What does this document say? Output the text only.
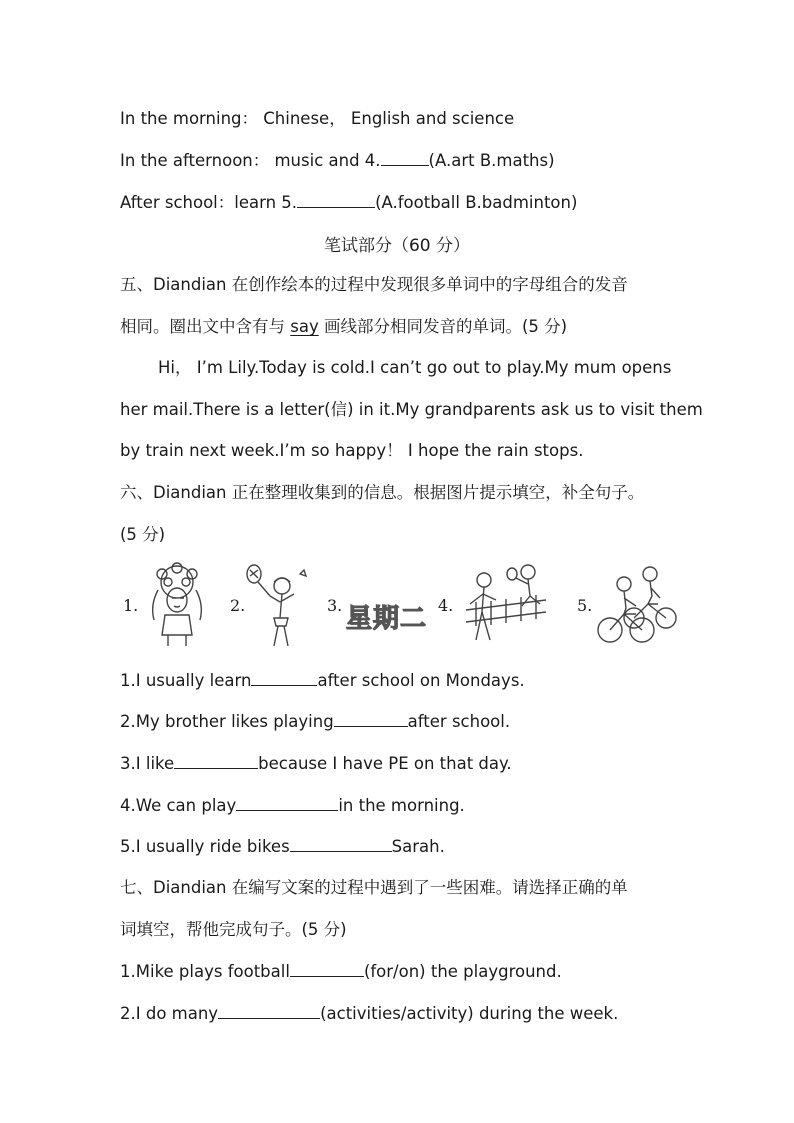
In the morning： Chinese， English and science
In the afternoon： music and 4.	(A.art B.maths)
After school：learn 5.	(A.football B.badminton)
笔试部分（60 分）
五、Diandian 在创作绘本的过程中发现很多单词中的字母组合的发音
相同。圈出文中含有与 say 画线部分相同发音的单词。(5 分)
Hi， I’m Lily.Today is cold.I can’t go out to play.My mum opens
her mail.There is a letter(信) in it.My grandparents ask us to visit them
by train next week.I’m so happy！ I hope the rain stops.
六、Diandian 正在整理收集到的信息。根据图片提示填空，补全句子。
(5 分)
1.	2.	3. 星期二 4.	5.
1.I usually learn	after school on Mondays.
2.My brother likes playing	after school.
3.I like	because I have PE on that day.
4.We can play	in the morning.
5.I usually ride bikes	Sarah.
七、Diandian 在编写文案的过程中遇到了一些困难。请选择正确的单
词填空，帮他完成句子。(5 分)
1.Mike plays football	(for/on) the playground.
2.I do many	(activities/activity) during the week.
